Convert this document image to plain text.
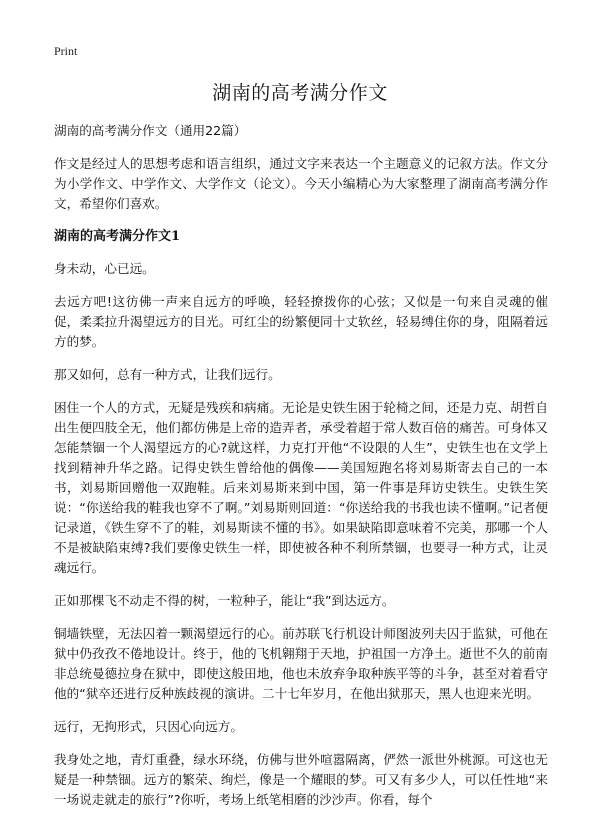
Print
湖南的高考满分作文

湖南的高考满分作文（通用22篇）

作文是经过人的思想考虑和语言组织，通过文字来表达一个主题意义的记叙方法。作文分为小学作文、中学作文、大学作文（论文）。今天小编精心为大家整理了湖南高考满分作文，希望你们喜欢。

湖南的高考满分作文1

身未动，心已远。

去远方吧!这彷佛一声来自远方的呼唤，轻轻撩拨你的心弦；又似是一句来自灵魂的催促，柔柔拉升渴望远方的目光。可红尘的纷繁便同十丈软丝，轻易缚住你的身，阻隔着远方的梦。

那又如何，总有一种方式，让我们远行。

困住一个人的方式，无疑是残疾和病痛。无论是史铁生困于轮椅之间，还是力克、胡哲自出生便四肢全无，他们都仿佛是上帝的造弄者，承受着超于常人数百倍的痛苦。可身体又怎能禁锢一个人渴望远方的心?就这样，力克打开他“不设限的人生”，史铁生也在文学上找到精神升华之路。记得史铁生曾给他的偶像——美国短跑名将刘易斯寄去自己的一本书，刘易斯回赠他一双跑鞋。后来刘易斯来到中国，第一件事是拜访史铁生。史铁生笑说：“你送给我的鞋我也穿不了啊。”刘易斯则回道：“你送给我的书我也读不懂啊。”记者便记录道，《铁生穿不了的鞋，刘易斯读不懂的书》。如果缺陷即意味着不完美，那哪一个人不是被缺陷束缚?我们要像史铁生一样，即使被各种不利所禁锢，也要寻一种方式，让灵魂远行。

正如那棵飞不动走不得的树，一粒种子，能让“我”到达远方。

铜墙铁壁，无法囚着一颗渴望远行的心。前苏联飞行机设计师图波列夫囚于监狱，可他在狱中仍孜孜不倦地设计。终于，他的飞机翱翔于天地，护祖国一方净土。逝世不久的前南非总统曼德拉身在狱中，即使这般田地，他也未放弃争取种族平等的斗争，甚至对着看守他的“狱卒还进行反种族歧视的演讲。二十七年岁月，在他出狱那天，黑人也迎来光明。

远行，无拘形式，只因心向远方。

我身处之地，青灯重叠，绿水环绕，仿佛与世外喧嚣隔离，俨然一派世外桃源。可这也无疑是一种禁锢。远方的繁荣、绚烂，像是一个耀眼的梦。可又有多少人，可以任性地“来一场说走就走的旅行”?你听，考场上纸笔相磨的沙沙声。你看，每个
